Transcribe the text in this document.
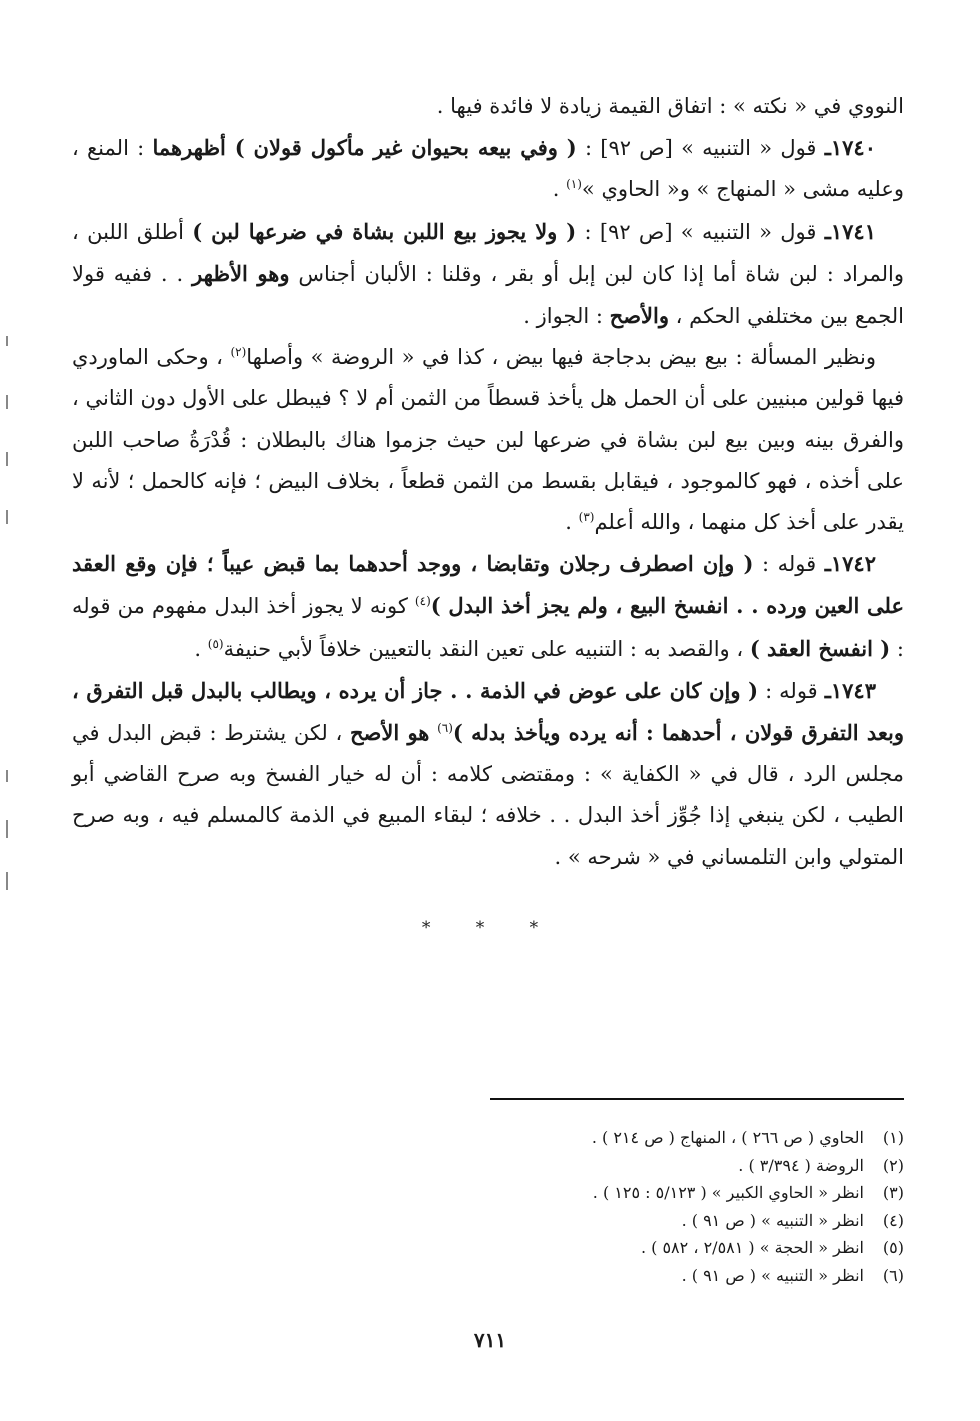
النووي في « نكته » : اتفاق القيمة زيادة لا فائدة فيها .

١٧٤٠ـ قول « التنبيه » [ص ٩٢] : ( وفي بيعه بحيوان غير مأكول قولان ) أظهرهما : المنع ، وعليه مشى « المنهاج » و« الحاوي »$^{(١)}$ .

١٧٤١ـ قول « التنبيه » [ص ٩٢] : ( ولا يجوز بيع اللبن بشاة في ضرعها لبن ) أطلق اللبن ، والمراد : لبن شاة أما إذا كان لبن إبل أو بقر ، وقلنا : الألبان أجناس وهو الأظهر . . ففيه قولا الجمع بين مختلفي الحكم ، والأصح : الجواز .

ونظير المسألة : بيع بيض بدجاجة فيها بيض ، كذا في « الروضة » وأصلها$^{(٢)}$ ، وحكى الماوردي فيها قولين مبنيين على أن الحمل هل يأخذ قسطاً من الثمن أم لا ؟ فيبطل على الأول دون الثاني ، والفرق بينه وبين بيع لبن بشاة في ضرعها لبن حيث جزموا هناك بالبطلان : قُدْرَةُ صاحب اللبن على أخذه ، فهو كالموجود ، فيقابل بقسط من الثمن قطعاً ، بخلاف البيض ؛ فإنه كالحمل ؛ لأنه لا يقدر على أخذ كل منهما ، والله أعلم$^{(٣)}$ .

١٧٤٢ـ قوله : ( وإن اصطرف رجلان وتقابضا ، ووجد أحدهما بما قبض عيباً ؛ فإن وقع العقد على العين ورده . . انفسخ البيع ، ولم يجز أخذ البدل )$^{(٤)}$ كونه لا يجوز أخذ البدل مفهوم من قوله : ( انفسخ العقد ) ، والقصد به : التنبيه على تعين النقد بالتعيين خلافاً لأبي حنيفة$^{(٥)}$ .

١٧٤٣ـ قوله : ( وإن كان على عوض في الذمة . . جاز أن يرده ، ويطالب بالبدل قبل التفرق ، وبعد التفرق قولان ، أحدهما : أنه يرده ويأخذ بدله )$^{(٦)}$ هو الأصح ، لكن يشترط : قبض البدل في مجلس الرد ، قال في « الكفاية » : ومقتضى كلامه : أن له خيار الفسخ وبه صرح القاضي أبو الطيب ، لكن ينبغي إذا جُوِّز أخذ البدل . . خلافه ؛ لبقاء المبيع في الذمة كالمسلم فيه ، وبه صرح المتولي وابن التلمساني في « شرحه » .

* * *
(١)
الحاوي ( ص ٢٦٦ ) ، المنهاج ( ص ٢١٤ ) .
(٢)
الروضة ( ٣/٣٩٤ ) .
(٣)
انظر « الحاوي الكبير » ( ٥/١٢٣ : ١٢٥ ) .
(٤)
انظر « التنبيه » ( ص ٩١ ) .
(٥)
انظر « الحجة » ( ٢/٥٨١ ، ٥٨٢ ) .
(٦)
انظر « التنبيه » ( ص ٩١ ) .
٧١١
